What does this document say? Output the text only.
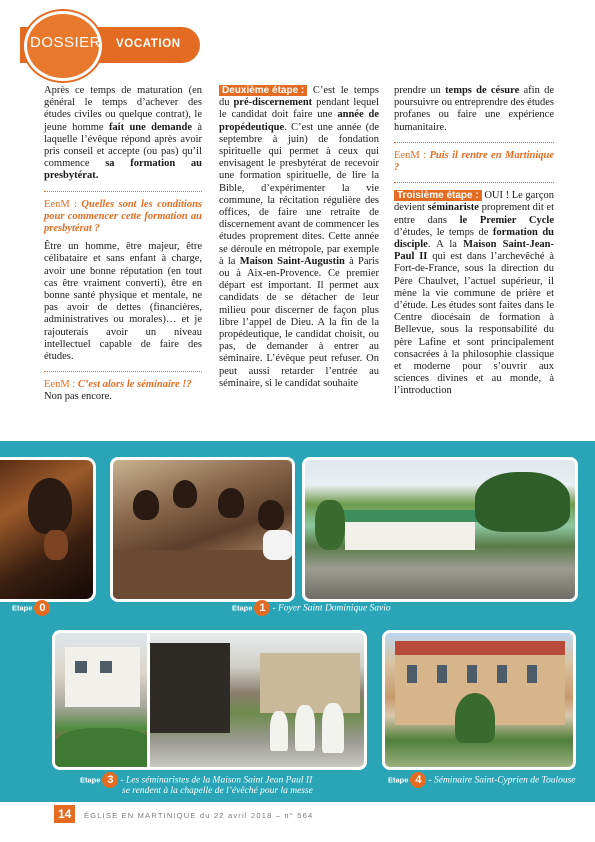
DOSSIER VOCATION

Après ce temps de maturation (en général le temps d’achever des études civiles ou quelque contrat), le jeune homme fait une demande à laquelle l’évêque répond après avoir pris conseil et accepte (ou pas) qu’il commence sa formation au presbytérat.

EenM : Quelles sont les conditions pour commencer cette formation au presbytérat ?

Être un homme, être majeur, être célibataire et sans enfant à charge, avoir une bonne réputation (en tout cas être vraiment converti), être en bonne santé physique et mentale, ne pas avoir de dettes (financières, administratives ou morales)… et je rajouterais avoir un niveau intellectuel capable de faire des études.

EenM : C’est alors le séminaire !?

Non pas encore.

Deuxième étape : C’est le temps du pré-discernement pendant lequel le candidat doit faire une année de propédeutique. C’est une année (de septembre à juin) de fondation spirituelle qui permet à ceux qui envisagent le presbytérat de recevoir une formation spirituelle, de lire la Bible, d’expérimenter la vie commune, la récitation régulière des offices, de faire une retraite de discernement avant de commencer les études proprement dites. Cette année se déroule en métropole, par exemple à la Maison Saint-Augustin à Paris ou à Aix-en-Provence. Ce premier départ est important. Il permet aux candidats de se détacher de leur milieu pour discerner de façon plus libre l’appel de Dieu. A la fin de la propédeutique, le candidat choisit, ou pas, de demander à entrer au séminaire. L’évêque peut refuser. On peut aussi retarder l’entrée au séminaire, si le candidat souhaite

prendre un temps de césure afin de poursuivre ou entreprendre des études profanes ou faire une expérience humanitaire.

EenM : Puis il rentre en Martinique ?

Troisième étape : OUI ! Le garçon devient séminariste proprement dit et entre dans le Premier Cycle d’études, le temps de formation du disciple. A la Maison Saint-Jean-Paul II qui est dans l’archevêché à Fort-de-France, sous la direction du Père Chaulvet, l’actuel supérieur, il mène la vie commune de prière et d’étude. Les études sont faites dans le Centre diocésain de formation à Bellevue, sous la responsabilité du père Lafine et sont principalement consacrées à la philosophie classique et moderne pour s’ouvrir aux sciences divines et au monde, à l’introduction

Etape 0	Etape 1 - Foyer Saint Dominique Savio
Etape 3 - Les séminaristes de la Maison Saint Jean Paul II
se rendent à la chapelle de l’évêché pour la messe
Etape 4 - Séminaire Saint-Cyprien de Toulouse
14	ÉGLISE EN MARTINIQUE du 22 avril 2018 – n° 564
